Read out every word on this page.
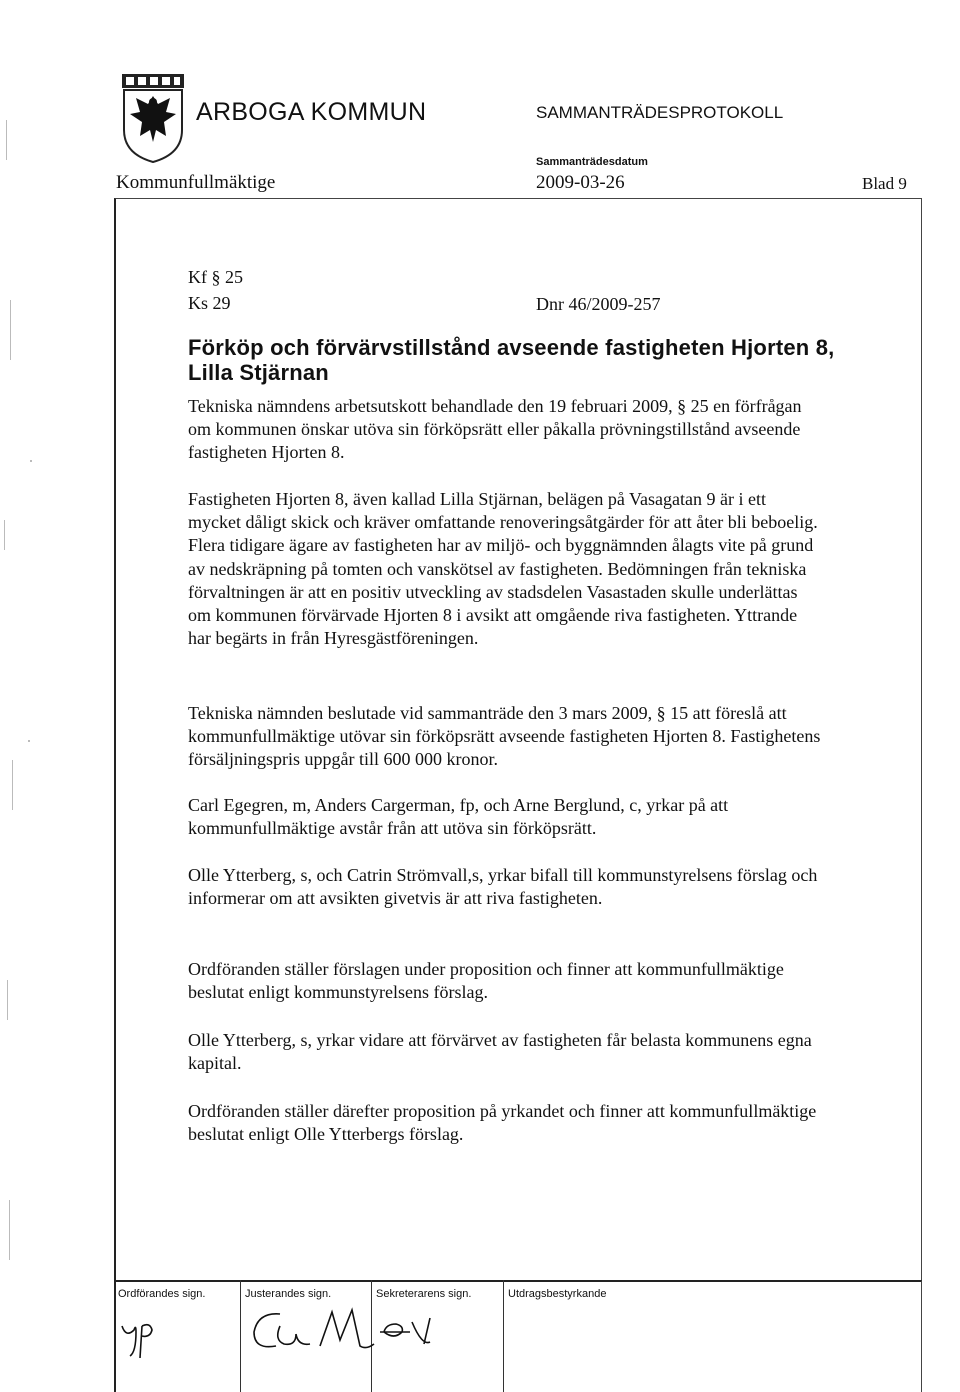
ARBOGA KOMMUN	SAMMANTRÄDESPROTOKOLL
Sammanträdesdatum
Kommunfullmäktige	2009-03-26	Blad 9
Kf § 25
Ks 29	Dnr 46/2009-257
Förköp och förvärvstillstånd avseende fastigheten Hjorten 8, Lilla Stjärnan

Tekniska nämndens arbetsutskott behandlade den 19 februari 2009, § 25 en förfrågan om kommunen önskar utöva sin förköpsrätt eller påkalla prövningstillstånd avseende fastigheten Hjorten 8.

Fastigheten Hjorten 8, även kallad Lilla Stjärnan, belägen på Vasagatan 9 är i ett mycket dåligt skick och kräver omfattande renoveringsåtgärder för att åter bli beboelig. Flera tidigare ägare av fastigheten har av miljö- och byggnämnden ålagts vite på grund av nedskräpning på tomten och vanskötsel av fastigheten. Bedömningen från tekniska förvaltningen är att en positiv utveckling av stadsdelen Vasastaden skulle underlättas om kommunen förvärvade Hjorten 8 i avsikt att omgående riva fastigheten. Yttrande har begärts in från Hyresgästföreningen.

Tekniska nämnden beslutade vid sammanträde den 3 mars 2009, § 15 att föreslå att kommunfullmäktige utövar sin förköpsrätt avseende fastigheten Hjorten 8. Fastighetens försäljningspris uppgår till 600 000 kronor.

Carl Egegren, m, Anders Cargerman, fp, och Arne Berglund, c, yrkar på att kommunfullmäktige avstår från att utöva sin förköpsrätt.

Olle Ytterberg, s, och Catrin Strömvall,s, yrkar bifall till kommunstyrelsens förslag och informerar om att avsikten givetvis är att riva fastigheten.

Ordföranden ställer förslagen under proposition och finner att kommunfullmäktige beslutat enligt kommunstyrelsens förslag.

Olle Ytterberg, s, yrkar vidare att förvärvet av fastigheten får belasta kommunens egna kapital.

Ordföranden ställer därefter proposition på yrkandet och finner att kommunfullmäktige beslutat enligt Olle Ytterbergs förslag.

Ordförandes sign.	Justerandes sign.	Sekreterarens sign.	Utdragsbestyrkande
